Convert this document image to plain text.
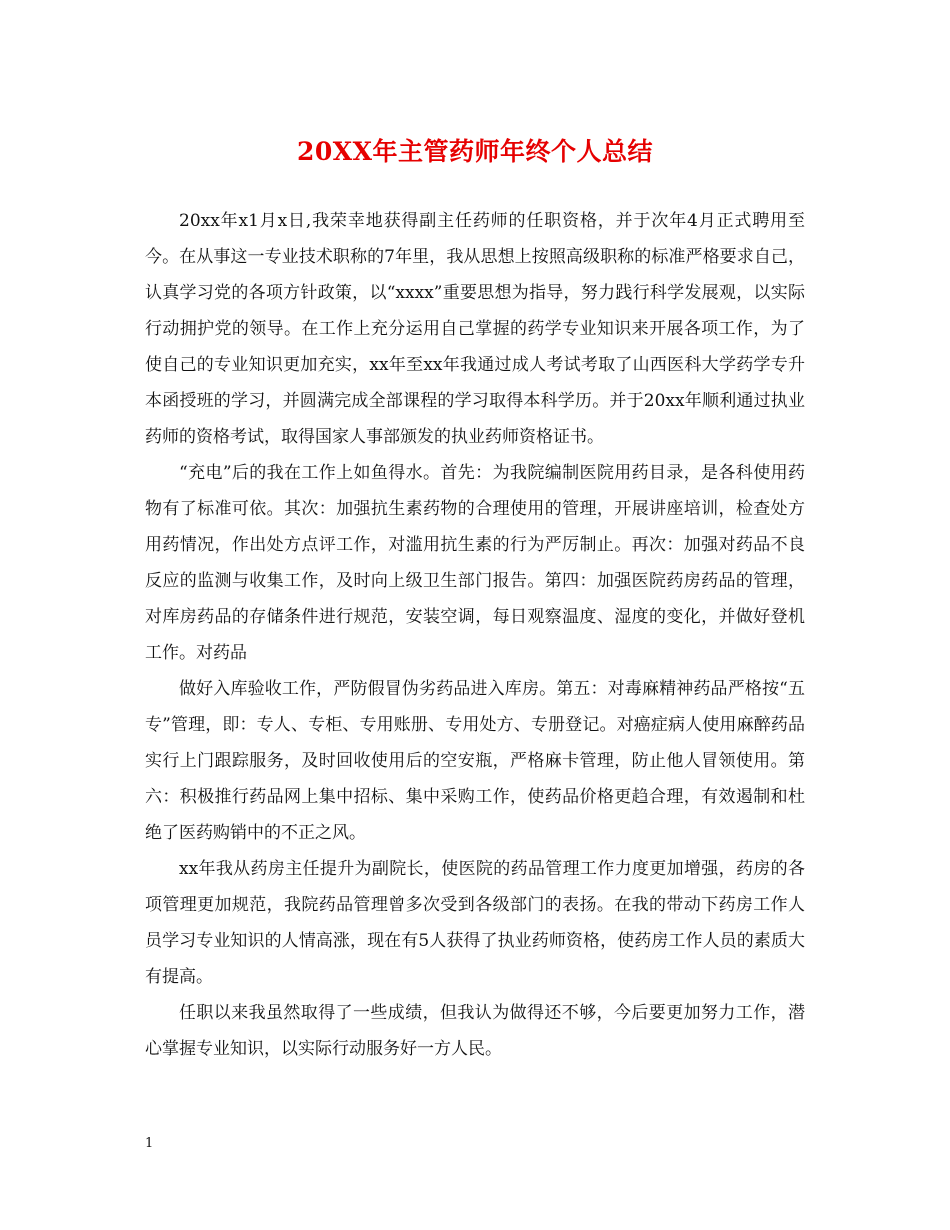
20XX年主管药师年终个人总结

20xx年x1月x日,我荣幸地获得副主任药师的任职资格，并于次年4月正式聘用至今。在从事这一专业技术职称的7年里，我从思想上按照高级职称的标准严格要求自己，认真学习党的各项方针政策，以“xxxx”重要思想为指导，努力践行科学发展观，以实际行动拥护党的领导。在工作上充分运用自己掌握的药学专业知识来开展各项工作，为了使自己的专业知识更加充实，xx年至xx年我通过成人考试考取了山西医科大学药学专升本函授班的学习，并圆满完成全部课程的学习取得本科学历。并于20xx年顺利通过执业药师的资格考试，取得国家人事部颁发的执业药师资格证书。

“充电”后的我在工作上如鱼得水。首先：为我院编制医院用药目录，是各科使用药物有了标准可依。其次：加强抗生素药物的合理使用的管理，开展讲座培训，检查处方用药情况，作出处方点评工作，对滥用抗生素的行为严厉制止。再次：加强对药品不良反应的监测与收集工作，及时向上级卫生部门报告。第四：加强医院药房药品的管理，对库房药品的存储条件进行规范，安装空调，每日观察温度、湿度的变化，并做好登机工作。对药品

做好入库验收工作，严防假冒伪劣药品进入库房。第五：对毒麻精神药品严格按“五专”管理，即：专人、专柜、专用账册、专用处方、专册登记。对癌症病人使用麻醉药品实行上门跟踪服务，及时回收使用后的空安瓶，严格麻卡管理，防止他人冒领使用。第六：积极推行药品网上集中招标、集中采购工作，使药品价格更趋合理，有效遏制和杜绝了医药购销中的不正之风。

xx年我从药房主任提升为副院长，使医院的药品管理工作力度更加增强，药房的各项管理更加规范，我院药品管理曾多次受到各级部门的表扬。在我的带动下药房工作人员学习专业知识的人情高涨，现在有5人获得了执业药师资格，使药房工作人员的素质大有提高。

任职以来我虽然取得了一些成绩，但我认为做得还不够，今后要更加努力工作，潜心掌握专业知识，以实际行动服务好一方人民。

1
